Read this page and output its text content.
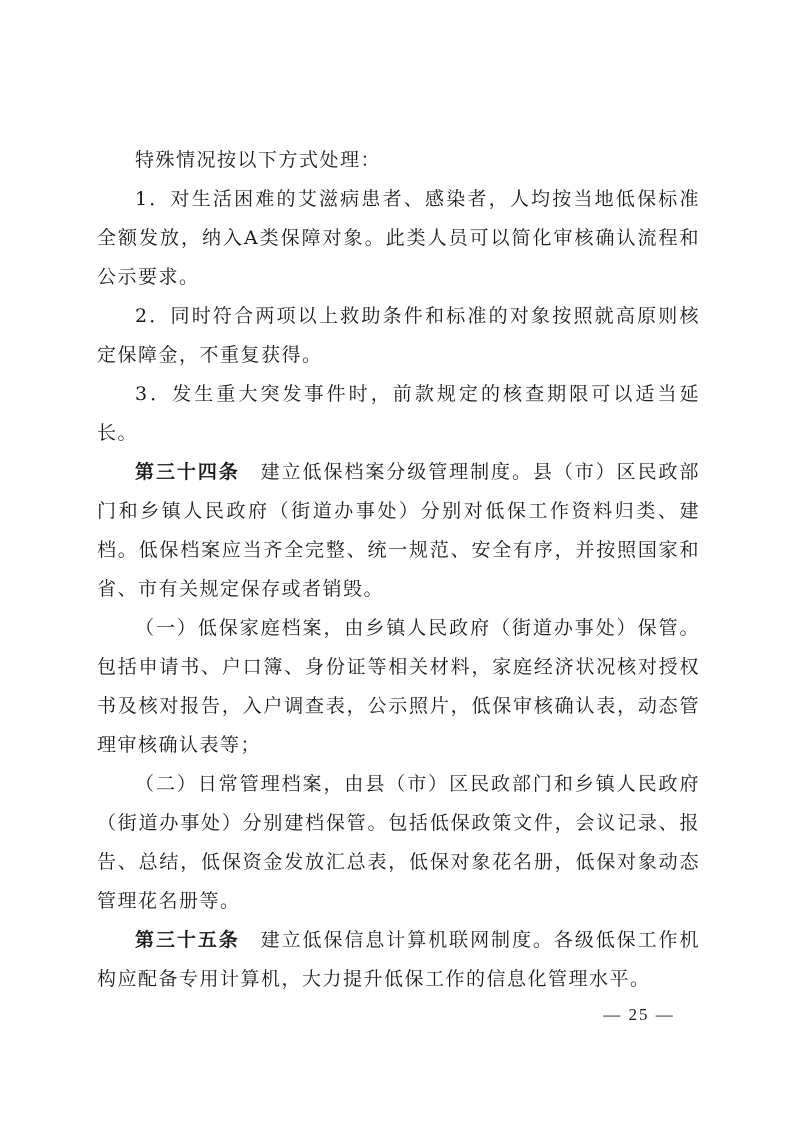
特殊情况按以下方式处理：

1．对生活困难的艾滋病患者、感染者，人均按当地低保标准全额发放，纳入A类保障对象。此类人员可以简化审核确认流程和公示要求。

2．同时符合两项以上救助条件和标准的对象按照就高原则核定保障金，不重复获得。

3．发生重大突发事件时，前款规定的核查期限可以适当延长。

第三十四条　建立低保档案分级管理制度。县（市）区民政部门和乡镇人民政府（街道办事处）分别对低保工作资料归类、建档。低保档案应当齐全完整、统一规范、安全有序，并按照国家和省、市有关规定保存或者销毁。

（一）低保家庭档案，由乡镇人民政府（街道办事处）保管。包括申请书、户口簿、身份证等相关材料，家庭经济状况核对授权书及核对报告，入户调查表，公示照片，低保审核确认表，动态管理审核确认表等；

（二）日常管理档案，由县（市）区民政部门和乡镇人民政府（街道办事处）分别建档保管。包括低保政策文件，会议记录、报告、总结，低保资金发放汇总表，低保对象花名册，低保对象动态管理花名册等。

第三十五条　建立低保信息计算机联网制度。各级低保工作机构应配备专用计算机，大力提升低保工作的信息化管理水平。

— 25 —
